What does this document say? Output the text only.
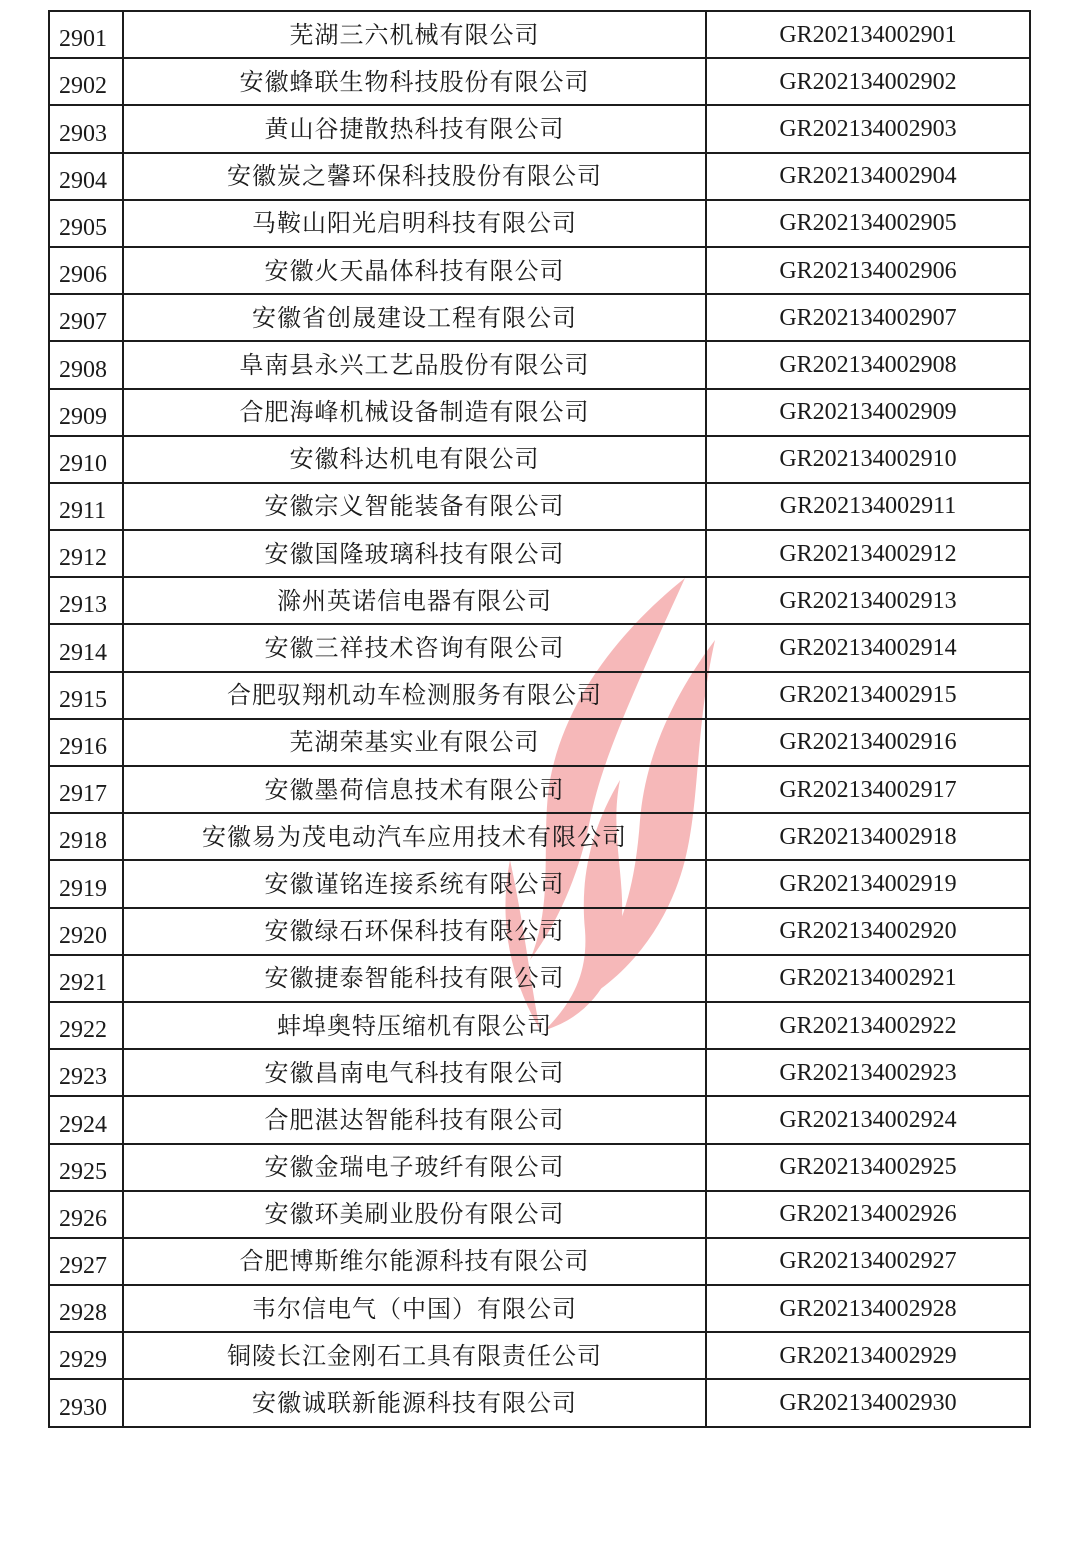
2901	芜湖三六机械有限公司	GR202134002901
2902	安徽蜂联生物科技股份有限公司	GR202134002902
2903	黄山谷捷散热科技有限公司	GR202134002903
2904	安徽炭之馨环保科技股份有限公司	GR202134002904
2905	马鞍山阳光启明科技有限公司	GR202134002905
2906	安徽火天晶体科技有限公司	GR202134002906
2907	安徽省创晟建设工程有限公司	GR202134002907
2908	阜南县永兴工艺品股份有限公司	GR202134002908
2909	合肥海峰机械设备制造有限公司	GR202134002909
2910	安徽科达机电有限公司	GR202134002910
2911	安徽宗义智能装备有限公司	GR202134002911
2912	安徽国隆玻璃科技有限公司	GR202134002912
2913	滁州英诺信电器有限公司	GR202134002913
2914	安徽三祥技术咨询有限公司	GR202134002914
2915	合肥驭翔机动车检测服务有限公司	GR202134002915
2916	芜湖荣基实业有限公司	GR202134002916
2917	安徽墨荷信息技术有限公司	GR202134002917
2918	安徽易为茂电动汽车应用技术有限公司	GR202134002918
2919	安徽谨铭连接系统有限公司	GR202134002919
2920	安徽绿石环保科技有限公司	GR202134002920
2921	安徽捷泰智能科技有限公司	GR202134002921
2922	蚌埠奥特压缩机有限公司	GR202134002922
2923	安徽昌南电气科技有限公司	GR202134002923
2924	合肥湛达智能科技有限公司	GR202134002924
2925	安徽金瑞电子玻纤有限公司	GR202134002925
2926	安徽环美刷业股份有限公司	GR202134002926
2927	合肥博斯维尔能源科技有限公司	GR202134002927
2928	韦尔信电气（中国）有限公司	GR202134002928
2929	铜陵长江金刚石工具有限责任公司	GR202134002929
2930	安徽诚联新能源科技有限公司	GR202134002930
